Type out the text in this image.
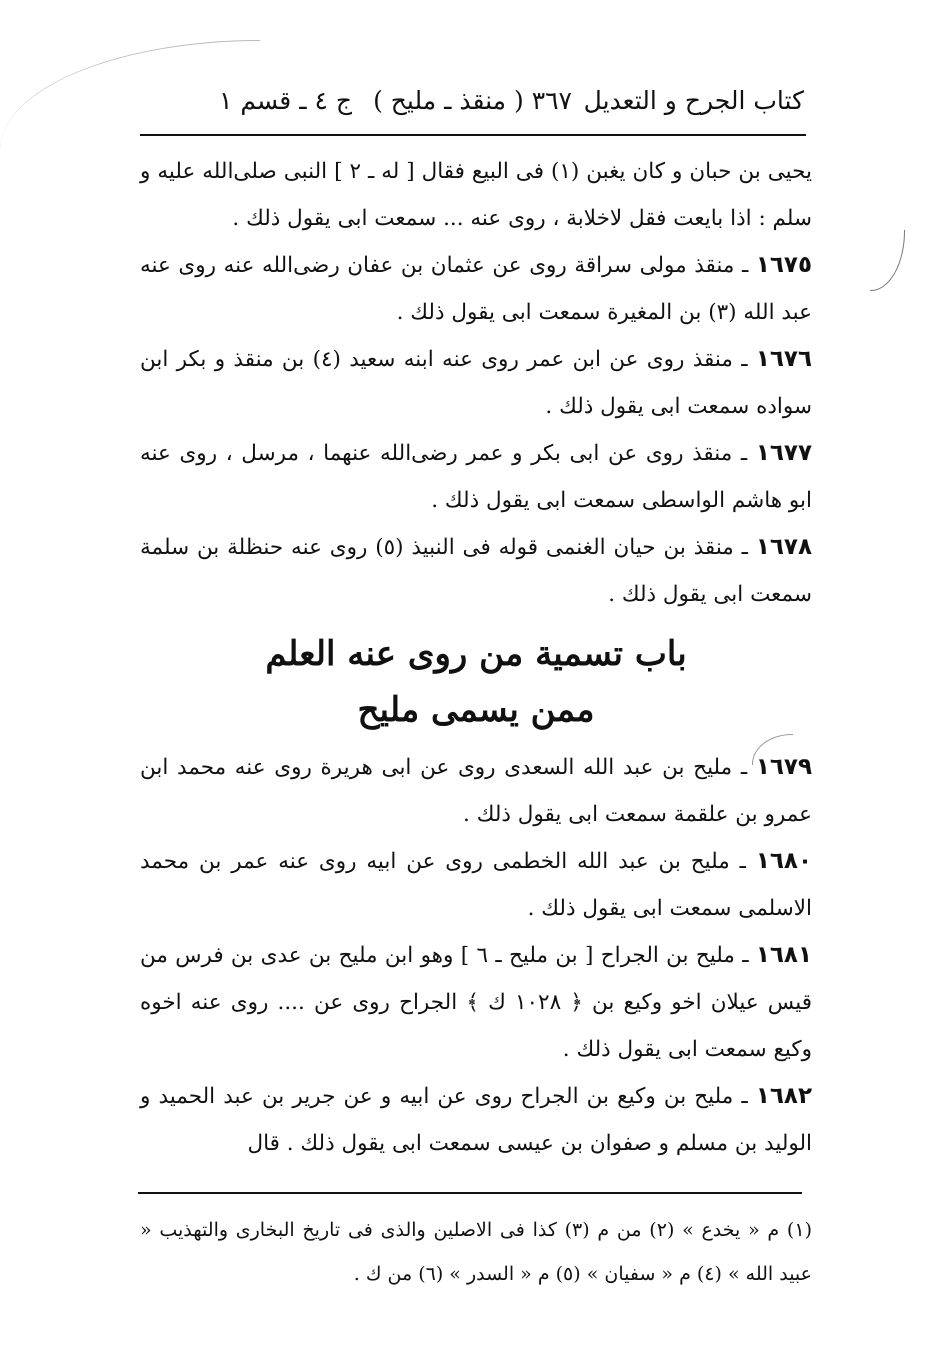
كتاب الجرح و التعديل
٣٦٧ ( منقذ ـ مليح )
ج ٤ ـ قسم ١

يحيى بن حبان و كان يغبن (١) فى البيع فقال [ له ـ ٢ ] النبى صلى‌الله عليه و سلم : اذا بايعت فقل لاخلابة ، روى عنه ... سمعت ابى يقول ذلك .

١٦٧٥ ـ منقذ مولى سراقة روى عن عثمان بن عفان رضى‌الله عنه روى عنه عبد الله (٣) بن المغيرة سمعت ابى يقول ذلك .

١٦٧٦ ـ منقذ روى عن ابن عمر روى عنه ابنه سعيد (٤) بن منقذ و بكر ابن سواده سمعت ابى يقول ذلك .

١٦٧٧ ـ منقذ روى عن ابى بكر و عمر رضى‌الله عنهما ، مرسل ، روى عنه ابو هاشم الواسطى سمعت ابى يقول ذلك .

١٦٧٨ ـ منقذ بن حيان الغنمى قوله فى النبيذ (٥) روى عنه حنظلة بن سلمة سمعت ابى يقول ذلك .

باب تسمية من روى عنه العلم
ممن يسمى مليح

١٦٧٩ ـ مليح بن عبد الله السعدى روى عن ابى هريرة روى عنه محمد ابن عمرو بن علقمة سمعت ابى يقول ذلك .

١٦٨٠ ـ مليح بن عبد الله الخطمى روى عن ابيه روى عنه عمر بن محمد الاسلمى سمعت ابى يقول ذلك .

١٦٨١ ـ مليح بن الجراح [ بن مليح ـ ٦ ] وهو ابن مليح بن عدى بن فرس من قيس عيلان اخو وكيع بن ﴿ ١٠٢٨ ك ﴾ الجراح روى عن .... روى عنه اخوه وكيع سمعت ابى يقول ذلك .

١٦٨٢ ـ مليح بن وكيع بن الجراح روى عن ابيه و عن جرير بن عبد الحميد و الوليد بن مسلم و صفوان بن عيسى سمعت ابى يقول ذلك . قال

(١) م « يخدع » (٢) من م (٣) كذا فى الاصلين والذى فى تاريخ البخارى والتهذيب « عبيد الله » (٤) م « سفيان » (٥) م « السدر » (٦) من ك .
